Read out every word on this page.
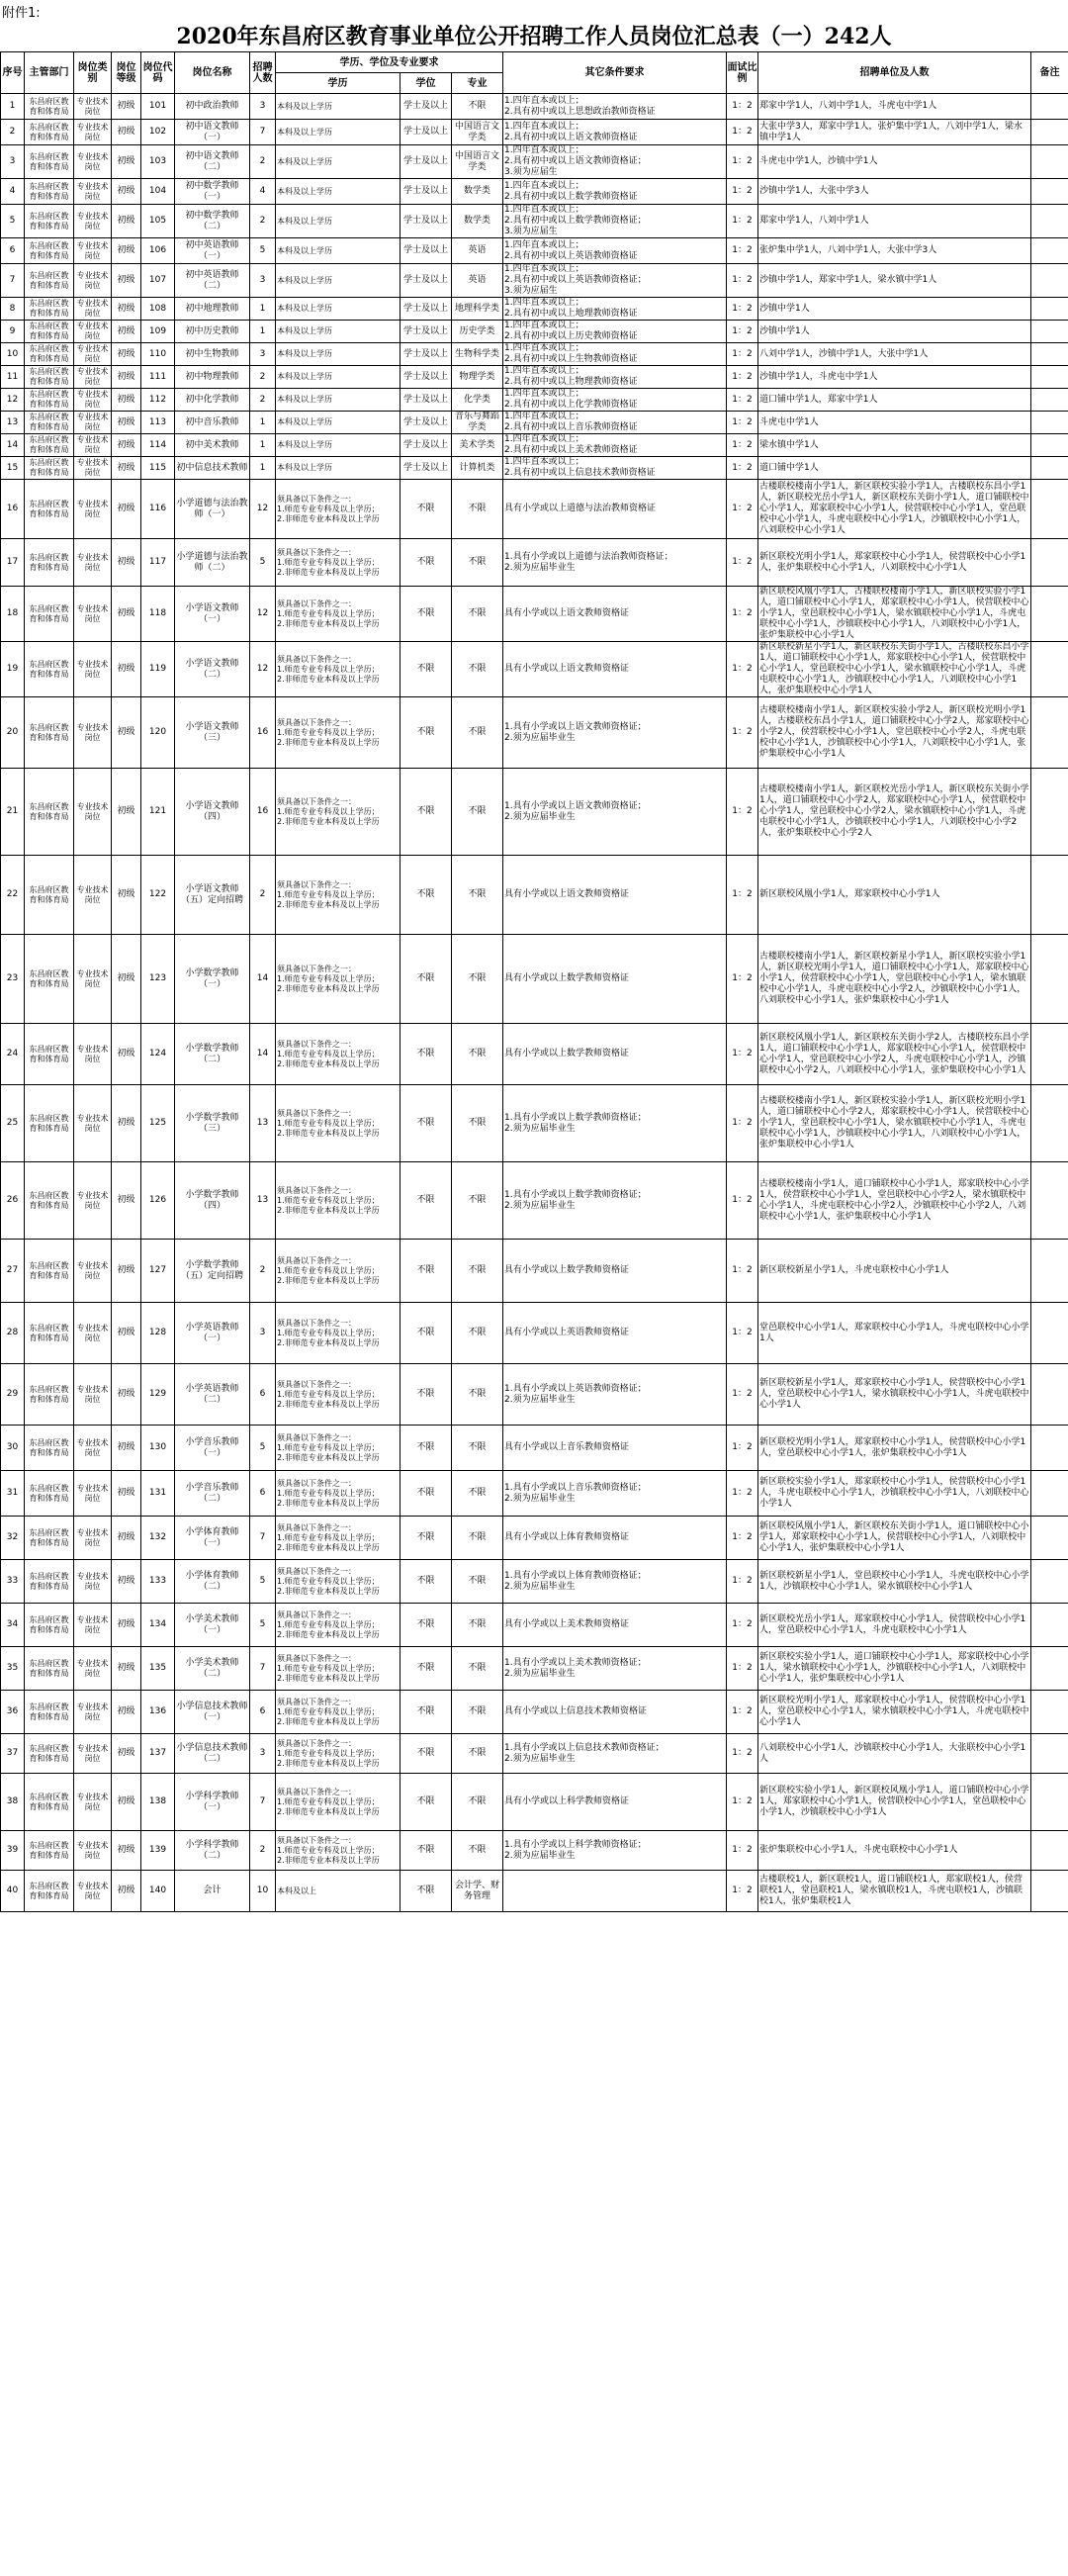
附件1:
2020年东昌府区教育事业单位公开招聘工作人员岗位汇总表（一）242人
序号	主管部门	岗位类别	岗位等级	岗位代码	岗位名称	招聘人数	学历、学位及专业要求			其它条件要求	面试比例	招聘单位及人数	备注
							学历	学位	专业				
1	东昌府区教育和体育局	专业技术岗位	初级	101	初中政治教师	3	本科及以上学历	学士及以上	不限	1.四年直本或以上；
2.具有初中或以上思想政治教师资格证	1：2	郑家中学1人，八刘中学1人，斗虎屯中学1人	
2	东昌府区教育和体育局	专业技术岗位	初级	102	初中语文教师（一）	7	本科及以上学历	学士及以上	中国语言文学类	1.四年直本或以上；
2.具有初中或以上语文教师资格证	1：2	大张中学3人，郑家中学1人，张炉集中学1人，八刘中学1人，梁水镇中学1人	
3	东昌府区教育和体育局	专业技术岗位	初级	103	初中语文教师（二）	2	本科及以上学历	学士及以上	中国语言文学类	1.四年直本或以上；
2.具有初中或以上语文教师资格证；
3.须为应届生	1：2	斗虎屯中学1人，沙镇中学1人	
4	东昌府区教育和体育局	专业技术岗位	初级	104	初中数学教师（一）	4	本科及以上学历	学士及以上	数学类	1.四年直本或以上；
2.具有初中或以上数学教师资格证	1：2	沙镇中学1人，大张中学3人	
5	东昌府区教育和体育局	专业技术岗位	初级	105	初中数学教师（二）	2	本科及以上学历	学士及以上	数学类	1.四年直本或以上；
2.具有初中或以上数学教师资格证；
3.须为应届生	1：2	郑家中学1人，八刘中学1人	
6	东昌府区教育和体育局	专业技术岗位	初级	106	初中英语教师（一）	5	本科及以上学历	学士及以上	英语	1.四年直本或以上；
2.具有初中或以上英语教师资格证	1：2	张炉集中学1人，八刘中学1人，大张中学3人	
7	东昌府区教育和体育局	专业技术岗位	初级	107	初中英语教师（二）	3	本科及以上学历	学士及以上	英语	1.四年直本或以上；
2.具有初中或以上英语教师资格证；
3.须为应届生	1：2	沙镇中学1人，郑家中学1人，梁水镇中学1人	
8	东昌府区教育和体育局	专业技术岗位	初级	108	初中地理教师	1	本科及以上学历	学士及以上	地理科学类	1.四年直本或以上；
2.具有初中或以上地理教师资格证	1：2	沙镇中学1人	
9	东昌府区教育和体育局	专业技术岗位	初级	109	初中历史教师	1	本科及以上学历	学士及以上	历史学类	1.四年直本或以上；
2.具有初中或以上历史教师资格证	1：2	沙镇中学1人	
10	东昌府区教育和体育局	专业技术岗位	初级	110	初中生物教师	3	本科及以上学历	学士及以上	生物科学类	1.四年直本或以上；
2.具有初中或以上生物教师资格证	1：2	八刘中学1人，沙镇中学1人，大张中学1人	
11	东昌府区教育和体育局	专业技术岗位	初级	111	初中物理教师	2	本科及以上学历	学士及以上	物理学类	1.四年直本或以上；
2.具有初中或以上物理教师资格证	1：2	沙镇中学1人，斗虎屯中学1人	
12	东昌府区教育和体育局	专业技术岗位	初级	112	初中化学教师	2	本科及以上学历	学士及以上	化学类	1.四年直本或以上；
2.具有初中或以上化学教师资格证	1：2	道口铺中学1人，郑家中学1人	
13	东昌府区教育和体育局	专业技术岗位	初级	113	初中音乐教师	1	本科及以上学历	学士及以上	音乐与舞蹈学类	1.四年直本或以上；
2.具有初中或以上音乐教师资格证	1：2	斗虎屯中学1人	
14	东昌府区教育和体育局	专业技术岗位	初级	114	初中美术教师	1	本科及以上学历	学士及以上	美术学类	1.四年直本或以上；
2.具有初中或以上美术教师资格证	1：2	梁水镇中学1人	
15	东昌府区教育和体育局	专业技术岗位	初级	115	初中信息技术教师	1	本科及以上学历	学士及以上	计算机类	1.四年直本或以上；
2.具有初中或以上信息技术教师资格证	1：2	道口铺中学1人	
16	东昌府区教育和体育局	专业技术岗位	初级	116	小学道德与法治教师（一）	12	须具备以下条件之一：
1.师范专业专科及以上学历；
2.非师范专业本科及以上学历	不限	不限	具有小学或以上道德与法治教师资格证	1：2	古楼联校楼南小学1人，新区联校实验小学1人，古楼联校东昌小学1人，新区联校光岳小学1人，新区联校东关街小学1人，道口铺联校中心小学1人，郑家联校中心小学1人，侯营联校中心小学1人，堂邑联校中心小学1人，斗虎屯联校中心小学1人，沙镇联校中心小学1人，八刘联校中心小学1人	
17	东昌府区教育和体育局	专业技术岗位	初级	117	小学道德与法治教师（二）	5	须具备以下条件之一：
1.师范专业专科及以上学历；
2.非师范专业本科及以上学历	不限	不限	1.具有小学或以上道德与法治教师资格证；
2.须为应届毕业生	1：2	新区联校光明小学1人，郑家联校中心小学1人，侯营联校中心小学1人，张炉集联校中心小学1人，八刘联校中心小学1人	
18	东昌府区教育和体育局	专业技术岗位	初级	118	小学语文教师（一）	12	须具备以下条件之一：
1.师范专业专科及以上学历；
2.非师范专业本科及以上学历	不限	不限	具有小学或以上语文教师资格证	1：2	新区联校风凰小学1人，古楼联校楼南小学1人，新区联校实验小学1人，道口铺联校中心小学1人，郑家联校中心小学1人，侯营联校中心小学1人，堂邑联校中心小学1人，梁水镇联校中心小学1人，斗虎屯联校中心小学1人，沙镇联校中心小学1人，八刘联校中心小学1人，张炉集联校中心小学1人	
19	东昌府区教育和体育局	专业技术岗位	初级	119	小学语文教师（二）	12	须具备以下条件之一：
1.师范专业专科及以上学历；
2.非师范专业本科及以上学历	不限	不限	具有小学或以上语文教师资格证	1：2	新区联校新星小学1人，新区联校东关街小学1人，古楼联校东昌小学1人，道口铺联校中心小学1人，郑家联校中心小学1人，侯营联校中心小学1人，堂邑联校中心小学1人，梁水镇联校中心小学1人，斗虎屯联校中心小学1人，沙镇联校中心小学1人，八刘联校中心小学1人，张炉集联校中心小学1人	
20	东昌府区教育和体育局	专业技术岗位	初级	120	小学语文教师（三）	16	须具备以下条件之一：
1.师范专业专科及以上学历；
2.非师范专业本科及以上学历	不限	不限	1.具有小学或以上语文教师资格证；
2.须为应届毕业生	1：2	古楼联校楼南小学1人，新区联校实验小学2人，新区联校光明小学1人，古楼联校东昌小学1人，道口铺联校中心小学2人，郑家联校中心小学2人，侯营联校中心小学1人，堂邑联校中心小学2人，斗虎屯联校中心小学1人，沙镇联校中心小学1人，八刘联校中心小学1人，张炉集联校中心小学1人	
21	东昌府区教育和体育局	专业技术岗位	初级	121	小学语文教师（四）	16	须具备以下条件之一：
1.师范专业专科及以上学历；
2.非师范专业本科及以上学历	不限	不限	1.具有小学或以上语文教师资格证；
2.须为应届毕业生	1：2	古楼联校楼南小学1人，新区联校光岳小学1人，新区联校东关街小学1人，道口铺联校中心小学2人，郑家联校中心小学1人，侯营联校中心小学1人，堂邑联校中心小学2人，梁水镇联校中心小学1人，斗虎屯联校中心小学1人，沙镇联校中心小学1人，八刘联校中心小学2人，张炉集联校中心小学2人	
22	东昌府区教育和体育局	专业技术岗位	初级	122	小学语文教师（五）定向招聘	2	须具备以下条件之一：
1.师范专业专科及以上学历；
2.非师范专业本科及以上学历	不限	不限	具有小学或以上语文教师资格证	1：2	新区联校风凰小学1人，郑家联校中心小学1人	
23	东昌府区教育和体育局	专业技术岗位	初级	123	小学数学教师（一）	14	须具备以下条件之一：
1.师范专业专科及以上学历；
2.非师范专业本科及以上学历	不限	不限	具有小学或以上数学教师资格证	1：2	古楼联校楼南小学1人，新区联校新星小学1人，新区联校实验小学1人，新区联校光明小学1人，道口铺联校中心小学1人，郑家联校中心小学1人，侯营联校中心小学1人，堂邑联校中心小学1人，梁水镇联校中心小学1人，斗虎屯联校中心小学2人，沙镇联校中心小学1人，八刘联校中心小学1人，张炉集联校中心小学1人	
24	东昌府区教育和体育局	专业技术岗位	初级	124	小学数学教师（二）	14	须具备以下条件之一：
1.师范专业专科及以上学历；
2.非师范专业本科及以上学历	不限	不限	具有小学或以上数学教师资格证	1：2	新区联校风凰小学1人，新区联校东关街小学2人，古楼联校东昌小学1人，道口铺联校中心小学1人，郑家联校中心小学1人，侯营联校中心小学1人，堂邑联校中心小学2人，斗虎屯联校中心小学1人，沙镇联校中心小学2人，八刘联校中心小学1人，张炉集联校中心小学1人	
25	东昌府区教育和体育局	专业技术岗位	初级	125	小学数学教师（三）	13	须具备以下条件之一：
1.师范专业专科及以上学历；
2.非师范专业本科及以上学历	不限	不限	1.具有小学或以上数学教师资格证；
2.须为应届毕业生	1：2	古楼联校楼南小学1人，新区联校实验小学1人，新区联校光明小学1人，道口铺联校中心小学2人，郑家联校中心小学1人，侯营联校中心小学1人，堂邑联校中心小学1人，梁水镇联校中心小学1人，斗虎屯联校中心小学1人，沙镇联校中心小学1人，八刘联校中心小学1人，张炉集联校中心小学1人	
26	东昌府区教育和体育局	专业技术岗位	初级	126	小学数学教师（四）	13	须具备以下条件之一：
1.师范专业专科及以上学历；
2.非师范专业本科及以上学历	不限	不限	1.具有小学或以上数学教师资格证；
2.须为应届毕业生	1：2	古楼联校楼南小学1人，道口铺联校中心小学1人，郑家联校中心小学1人，侯营联校中心小学1人，堂邑联校中心小学2人，梁水镇联校中心小学1人，斗虎屯联校中心小学2人，沙镇联校中心小学2人，八刘联校中心小学1人，张炉集联校中心小学1人	
27	东昌府区教育和体育局	专业技术岗位	初级	127	小学数学教师（五）定向招聘	2	须具备以下条件之一：
1.师范专业专科及以上学历；
2.非师范专业本科及以上学历	不限	不限	具有小学或以上数学教师资格证	1：2	新区联校新星小学1人，斗虎屯联校中心小学1人	
28	东昌府区教育和体育局	专业技术岗位	初级	128	小学英语教师（一）	3	须具备以下条件之一：
1.师范专业专科及以上学历；
2.非师范专业本科及以上学历	不限	不限	具有小学或以上英语教师资格证	1：2	堂邑联校中心小学1人，郑家联校中心小学1人，斗虎屯联校中心小学1人	
29	东昌府区教育和体育局	专业技术岗位	初级	129	小学英语教师（二）	6	须具备以下条件之一：
1.师范专业专科及以上学历；
2.非师范专业本科及以上学历	不限	不限	1.具有小学或以上英语教师资格证；
2.须为应届毕业生	1：2	新区联校新星小学1人，郑家联校中心小学1人，侯营联校中心小学1人，堂邑联校中心小学1人，梁水镇联校中心小学1人，斗虎屯联校中心小学1人	
30	东昌府区教育和体育局	专业技术岗位	初级	130	小学音乐教师（一）	5	须具备以下条件之一：
1.师范专业专科及以上学历；
2.非师范专业本科及以上学历	不限	不限	具有小学或以上音乐教师资格证	1：2	新区联校光明小学1人，郑家联校中心小学1人，侯营联校中心小学1人，堂邑联校中心小学1人，张炉集联校中心小学1人	
31	东昌府区教育和体育局	专业技术岗位	初级	131	小学音乐教师（二）	6	须具备以下条件之一：
1.师范专业专科及以上学历；
2.非师范专业本科及以上学历	不限	不限	1.具有小学或以上音乐教师资格证；
2.须为应届毕业生	1：2	新区联校实验小学1人，郑家联校中心小学1人，侯营联校中心小学1人，斗虎屯联校中心小学1人，沙镇联校中心小学1人，八刘联校中心小学1人	
32	东昌府区教育和体育局	专业技术岗位	初级	132	小学体育教师（一）	7	须具备以下条件之一：
1.师范专业专科及以上学历；
2.非师范专业本科及以上学历	不限	不限	具有小学或以上体育教师资格证	1：2	新区联校风凰小学1人，新区联校东关街小学1人，道口铺联校中心小学1人，郑家联校中心小学1人，侯营联校中心小学1人，八刘联校中心小学1人，张炉集联校中心小学1人	
33	东昌府区教育和体育局	专业技术岗位	初级	133	小学体育教师（二）	5	须具备以下条件之一：
1.师范专业专科及以上学历；
2.非师范专业本科及以上学历	不限	不限	1.具有小学或以上体育教师资格证；
2.须为应届毕业生	1：2	新区联校新星小学1人，堂邑联校中心小学1人，斗虎屯联校中心小学1人，沙镇联校中心小学1人，梁水镇联校中心小学1人	
34	东昌府区教育和体育局	专业技术岗位	初级	134	小学美术教师（一）	5	须具备以下条件之一：
1.师范专业专科及以上学历；
2.非师范专业本科及以上学历	不限	不限	具有小学或以上美术教师资格证	1：2	新区联校光岳小学1人，郑家联校中心小学1人，侯营联校中心小学1人，堂邑联校中心小学1人，斗虎屯联校中心小学1人	
35	东昌府区教育和体育局	专业技术岗位	初级	135	小学美术教师（二）	7	须具备以下条件之一：
1.师范专业专科及以上学历；
2.非师范专业本科及以上学历	不限	不限	1.具有小学或以上美术教师资格证；
2.须为应届毕业生	1：2	新区联校实验小学1人，道口铺联校中心小学1人，郑家联校中心小学1人，梁水镇联校中心小学1人，沙镇联校中心小学1人，八刘联校中心小学1人，张炉集联校中心小学1人	
36	东昌府区教育和体育局	专业技术岗位	初级	136	小学信息技术教师（一）	6	须具备以下条件之一：
1.师范专业专科及以上学历；
2.非师范专业本科及以上学历	不限	不限	具有小学或以上信息技术教师资格证	1：2	新区联校光明小学1人，郑家联校中心小学1人，侯营联校中心小学1人，堂邑联校中心小学1人，梁水镇联校中心小学1人，斗虎屯联校中心小学1人	
37	东昌府区教育和体育局	专业技术岗位	初级	137	小学信息技术教师（二）	3	须具备以下条件之一：
1.师范专业专科及以上学历；
2.非师范专业本科及以上学历	不限	不限	1.具有小学或以上信息技术教师资格证；
2.须为应届毕业生	1：2	八刘联校中心小学1人，沙镇联校中心小学1人，大张联校中心小学1人	
38	东昌府区教育和体育局	专业技术岗位	初级	138	小学科学教师（一）	7	须具备以下条件之一：
1.师范专业专科及以上学历；
2.非师范专业本科及以上学历	不限	不限	具有小学或以上科学教师资格证	1：2	新区联校实验小学1人，新区联校风凰小学1人，道口铺联校中心小学1人，郑家联校中心小学1人，侯营联校中心小学1人，堂邑联校中心小学1人，沙镇联校中心小学1人	
39	东昌府区教育和体育局	专业技术岗位	初级	139	小学科学教师（二）	2	须具备以下条件之一：
1.师范专业专科及以上学历；
2.非师范专业本科及以上学历	不限	不限	1.具有小学或以上科学教师资格证；
2.须为应届毕业生	1：2	张炉集联校中心小学1人，斗虎屯联校中心小学1人	
40	东昌府区教育和体育局	专业技术岗位	初级	140	会计	10	本科及以上	不限	会计学、财务管理		1：2	古楼联校1人，新区联校1人，道口铺联校1人，郑家联校1人，侯营联校1人，堂邑联校1人，梁水镇联校1人，斗虎屯联校1人，沙镇联校1人，张炉集联校1人	
